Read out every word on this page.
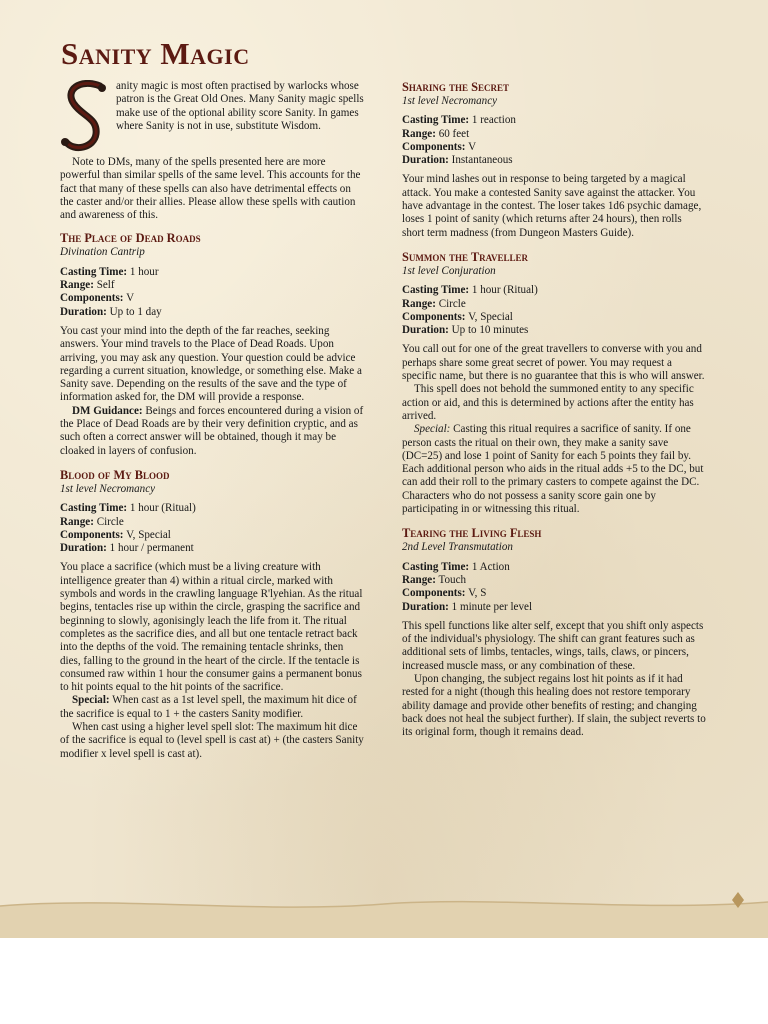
Sanity Magic

anity magic is most often practised by warlocks whose patron is the Great Old Ones. Many Sanity magic spells make use of the optional ability score Sanity. In games where Sanity is not in use, substitute Wisdom.

Note to DMs, many of the spells presented here are more powerful than similar spells of the same level. This accounts for the fact that many of these spells can also have detrimental effects on the caster and/or their allies. Please allow these spells with caution and awareness of this.

The Place of Dead Roads

Divination Cantrip

Casting Time: 1 hour

Range: Self

Components: V

Duration: Up to 1 day

You cast your mind into the depth of the far reaches, seeking answers. Your mind travels to the Place of Dead Roads. Upon arriving, you may ask any question. Your question could be advice regarding a current situation, knowledge, or something else. Make a Sanity save. Depending on the results of the save and the type of information asked for, the DM will provide a response.

DM Guidance: Beings and forces encountered during a vision of the Place of Dead Roads are by their very definition cryptic, and as such often a correct answer will be obtained, though it may be cloaked in layers of confusion.

Blood of My Blood

1st level Necromancy

Casting Time: 1 hour (Ritual)

Range: Circle

Components: V, Special

Duration: 1 hour / permanent

You place a sacrifice (which must be a living creature with intelligence greater than 4) within a ritual circle, marked with symbols and words in the crawling language R'lyehian. As the ritual begins, tentacles rise up within the circle, grasping the sacrifice and beginning to slowly, agonisingly leach the life from it. The ritual completes as the sacrifice dies, and all but one tentacle retract back into the depths of the void. The remaining tentacle shrinks, then dies, falling to the ground in the heart of the circle. If the tentacle is consumed raw within 1 hour the consumer gains a permanent bonus to hit points equal to the hit points of the sacrifice.

Special: When cast as a 1st level spell, the maximum hit dice of the sacrifice is equal to 1 + the casters Sanity modifier.

When cast using a higher level spell slot: The maximum hit dice of the sacrifice is equal to (level spell is cast at) + (the casters Sanity modifier x level spell is cast at).

Sharing the Secret

1st level Necromancy

Casting Time: 1 reaction

Range: 60 feet

Components: V

Duration: Instantaneous

Your mind lashes out in response to being targeted by a magical attack. You make a contested Sanity save against the attacker. You have advantage in the contest. The loser takes 1d6 psychic damage, loses 1 point of sanity (which returns after 24 hours), then rolls short term madness (from Dungeon Masters Guide).

Summon the Traveller

1st level Conjuration

Casting Time: 1 hour (Ritual)

Range: Circle

Components: V, Special

Duration: Up to 10 minutes

You call out for one of the great travellers to converse with you and perhaps share some great secret of power. You may request a specific name, but there is no guarantee that this is who will answer.

This spell does not behold the summoned entity to any specific action or aid, and this is determined by actions after the entity has arrived.

Special: Casting this ritual requires a sacrifice of sanity. If one person casts the ritual on their own, they make a sanity save (DC=25) and lose 1 point of Sanity for each 5 points they fail by. Each additional person who aids in the ritual adds +5 to the DC, but can add their roll to the primary casters to compete against the DC. Characters who do not possess a sanity score gain one by participating in or witnessing this ritual.

Tearing the Living Flesh

2nd Level Transmutation

Casting Time: 1 Action

Range: Touch

Components: V, S

Duration: 1 minute per level

This spell functions like alter self, except that you shift only aspects of the individual's physiology. The shift can grant features such as additional sets of limbs, tentacles, wings, tails, claws, or pincers, increased muscle mass, or any combination of these.

Upon changing, the subject regains lost hit points as if it had rested for a night (though this healing does not restore temporary ability damage and provide other benefits of resting; and changing back does not heal the subject further). If slain, the subject reverts to its original form, though it remains dead.
